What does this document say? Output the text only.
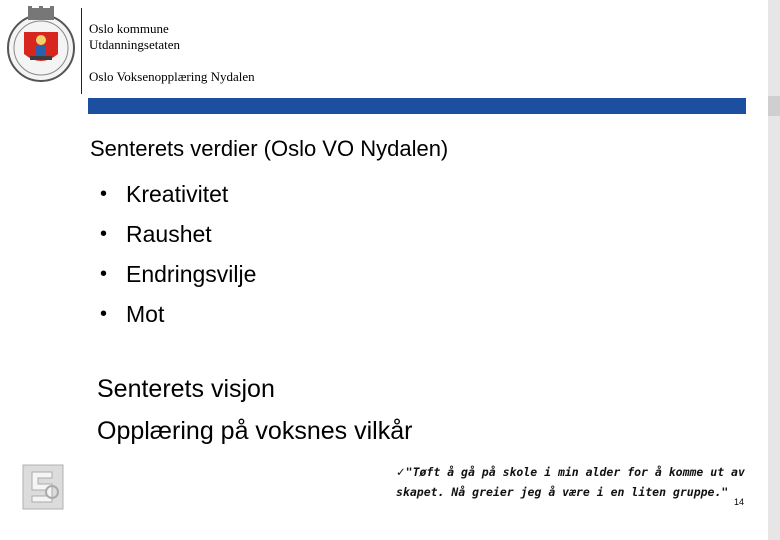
Oslo kommune
Utdanningsetaten
Oslo Voksenopplæring Nydalen
Senterets verdier (Oslo VO Nydalen)
• Kreativitet
• Raushet
• Endringsvilje
• Mot
Senterets visjon
Opplæring på voksnes vilkår
✓"Tøft å gå på skole i min alder for å komme ut av skapet. Nå greier jeg å være i en liten gruppe."
14
